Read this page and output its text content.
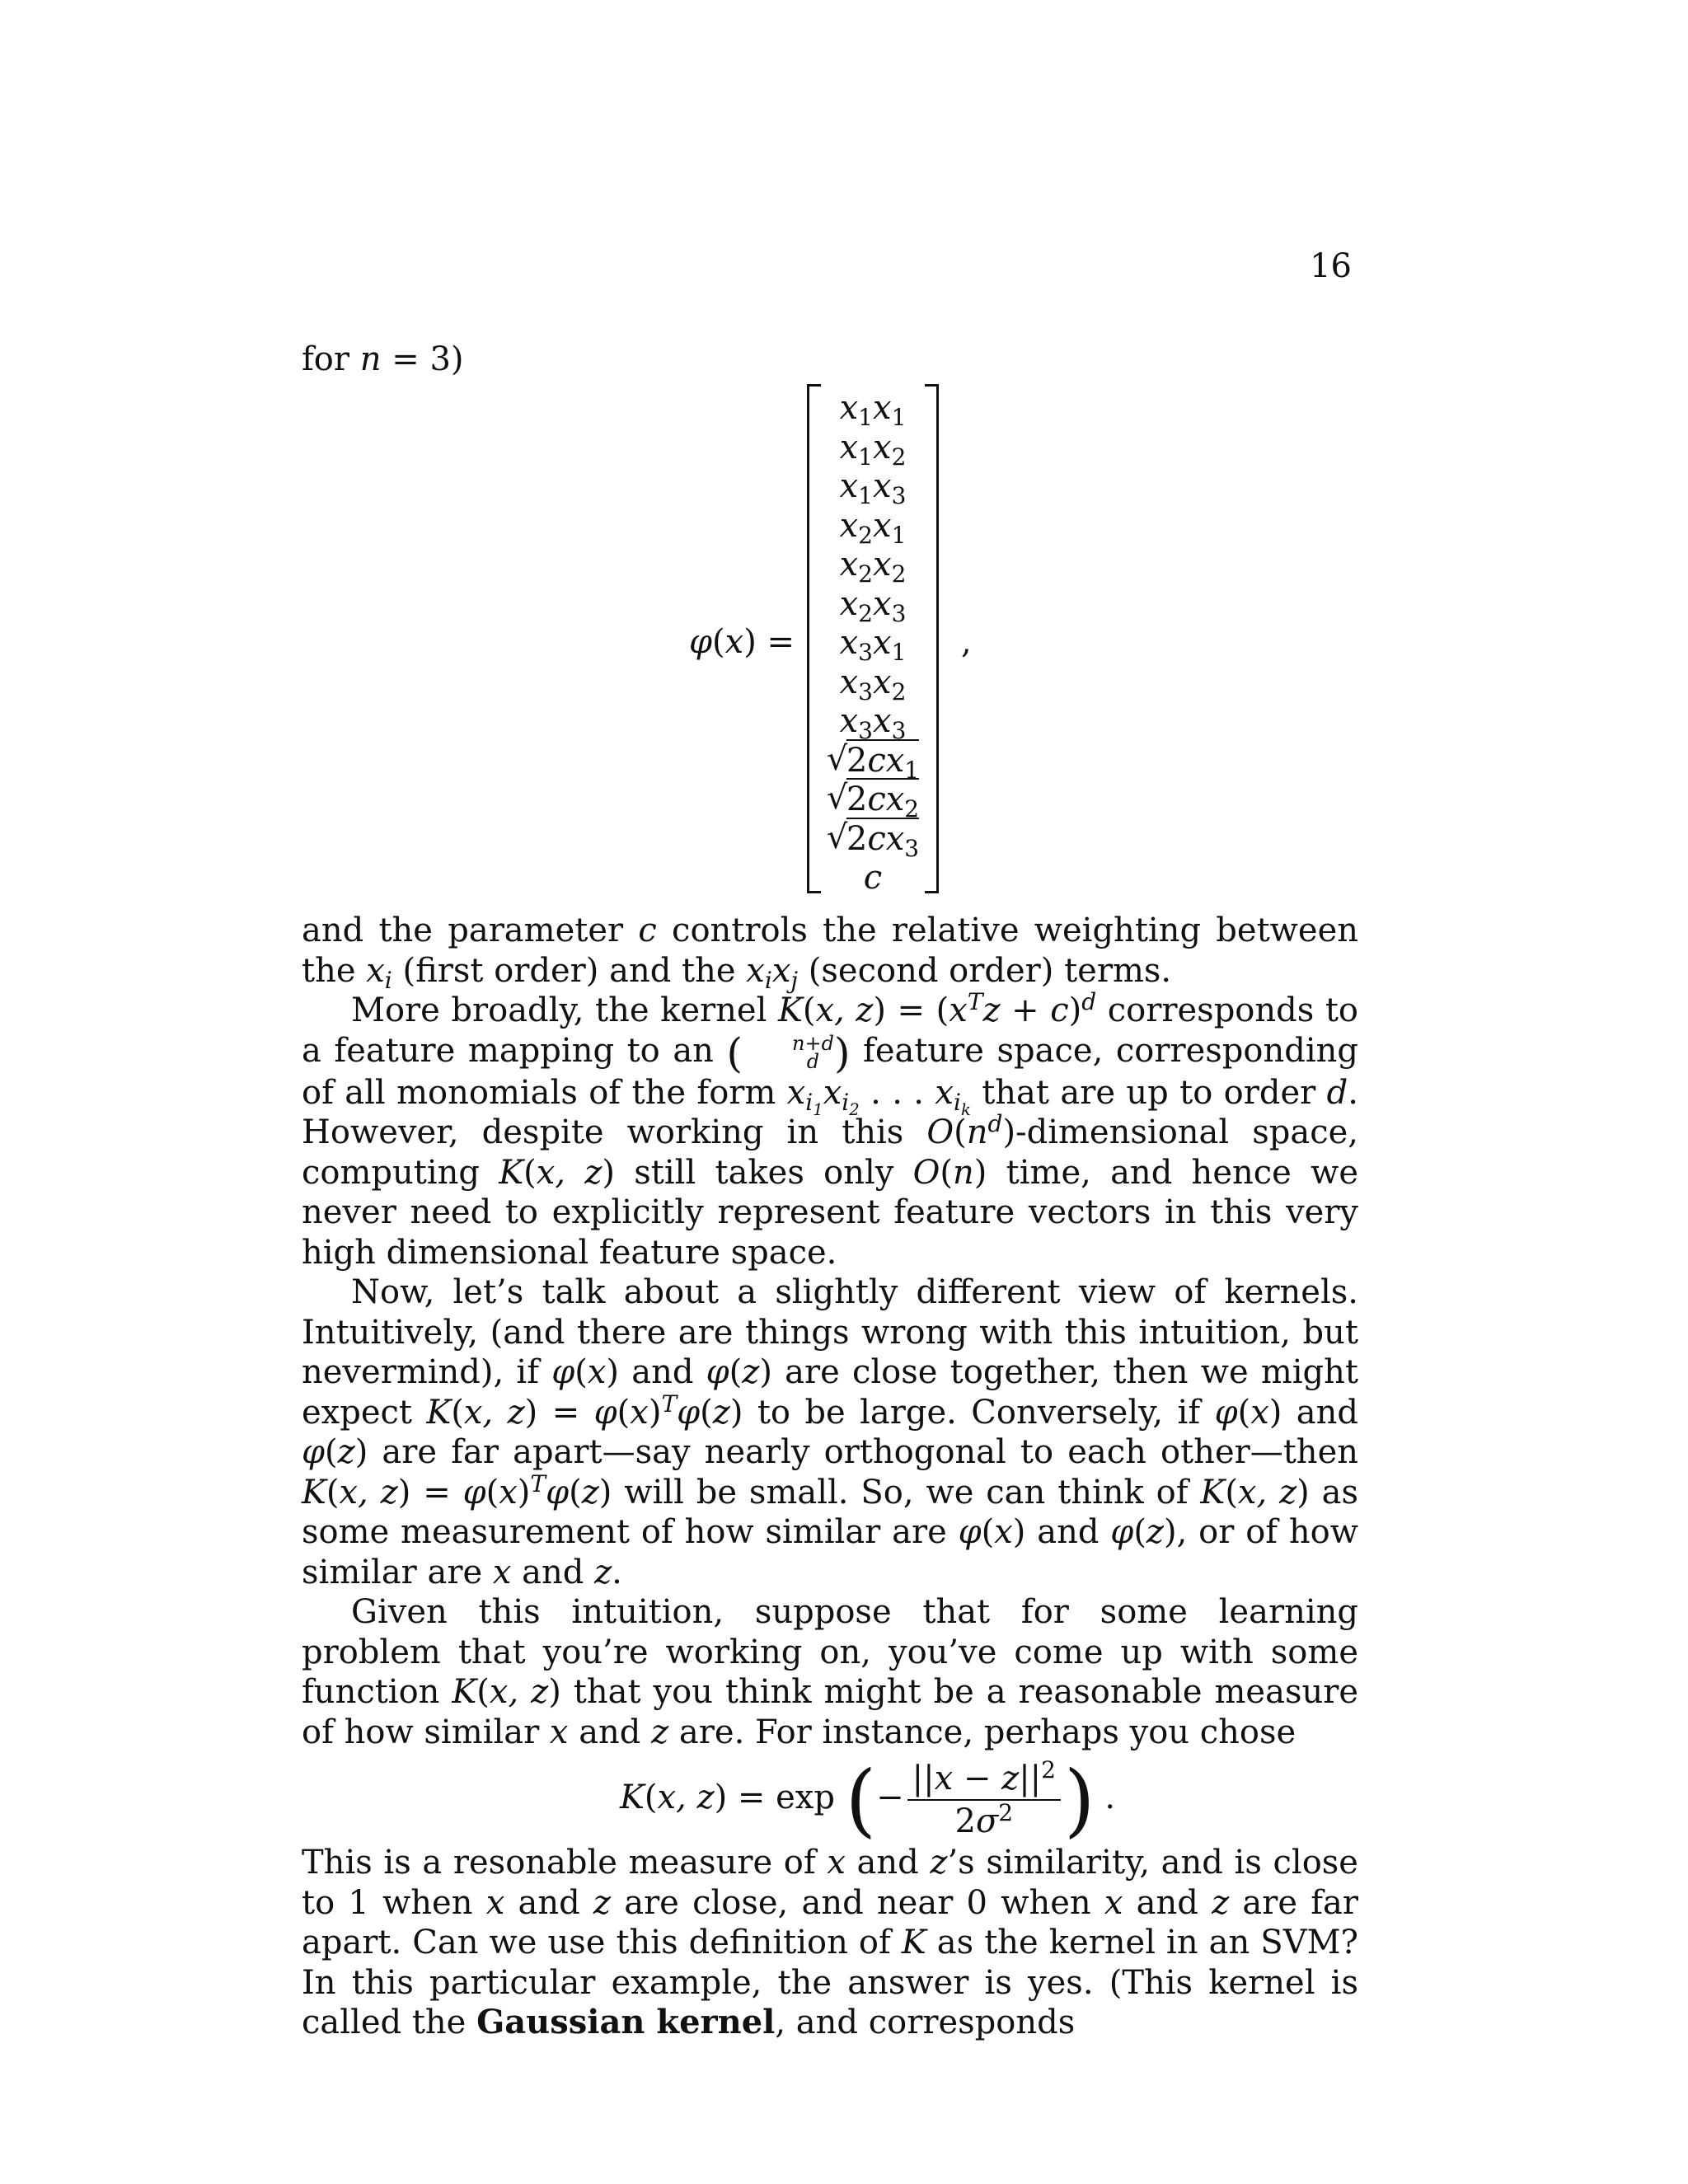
16

for n = 3)

φ(x) =
$x_1x_1$
$x_1x_2$
$x_1x_3$
$x_2x_1$
$x_2x_2$
$x_2x_3$
$x_3x_1$
$x_3x_2$
$x_3x_3$
√ $2cx_1$
√ $2cx_2$
√ $2cx_3$
c
,

and the parameter c controls the relative weighting between the $x_i$ (first order) and the $x_ix_j$ (second order) terms.

More broadly, the kernel K(x, $z) = (x^Tz + c)^d$ corresponds to a feature mapping to an (	n+d
d ) feature space, corresponding of all monomials of the form $x_{i_1}x_{i_2}$ . . . $x_{i_k}$ that are up to order d. However, despite working in this $O(n^d)$-dimensional space, computing K(x, z) still takes only O(n) time, and hence we never need to explicitly represent feature vectors in this very high dimensional feature space.

Now, let’s talk about a slightly different view of kernels. Intuitively, (and there are things wrong with this intuition, but nevermind), if φ(x) and φ(z) are close together, then we might expect K(x, $z) = \varphi(x)^T\varphi(z)$ to be large. Conversely, if φ(x) and φ(z) are far apart—say nearly orthogonal to each other—then K(x, $z) = \varphi(x)^T\varphi(z)$ will be small. So, we can think of K(x, z) as some measurement of how similar are φ(x) and φ(z), or of how similar are x and z.

Given this intuition, suppose that for some learning problem that you’re working on, you’ve come up with some function K(x, z) that you think might be a reasonable measure of how similar x and z are. For instance, perhaps you chose

K(x, z) = exp (− $\frac{||x - z||^2}{2\sigma^2}$ ) .

This is a resonable measure of x and z’s similarity, and is close to 1 when x and z are close, and near 0 when x and z are far apart. Can we use this definition of K as the kernel in an SVM? In this particular example, the answer is yes. (This kernel is called the Gaussian kernel, and corresponds
